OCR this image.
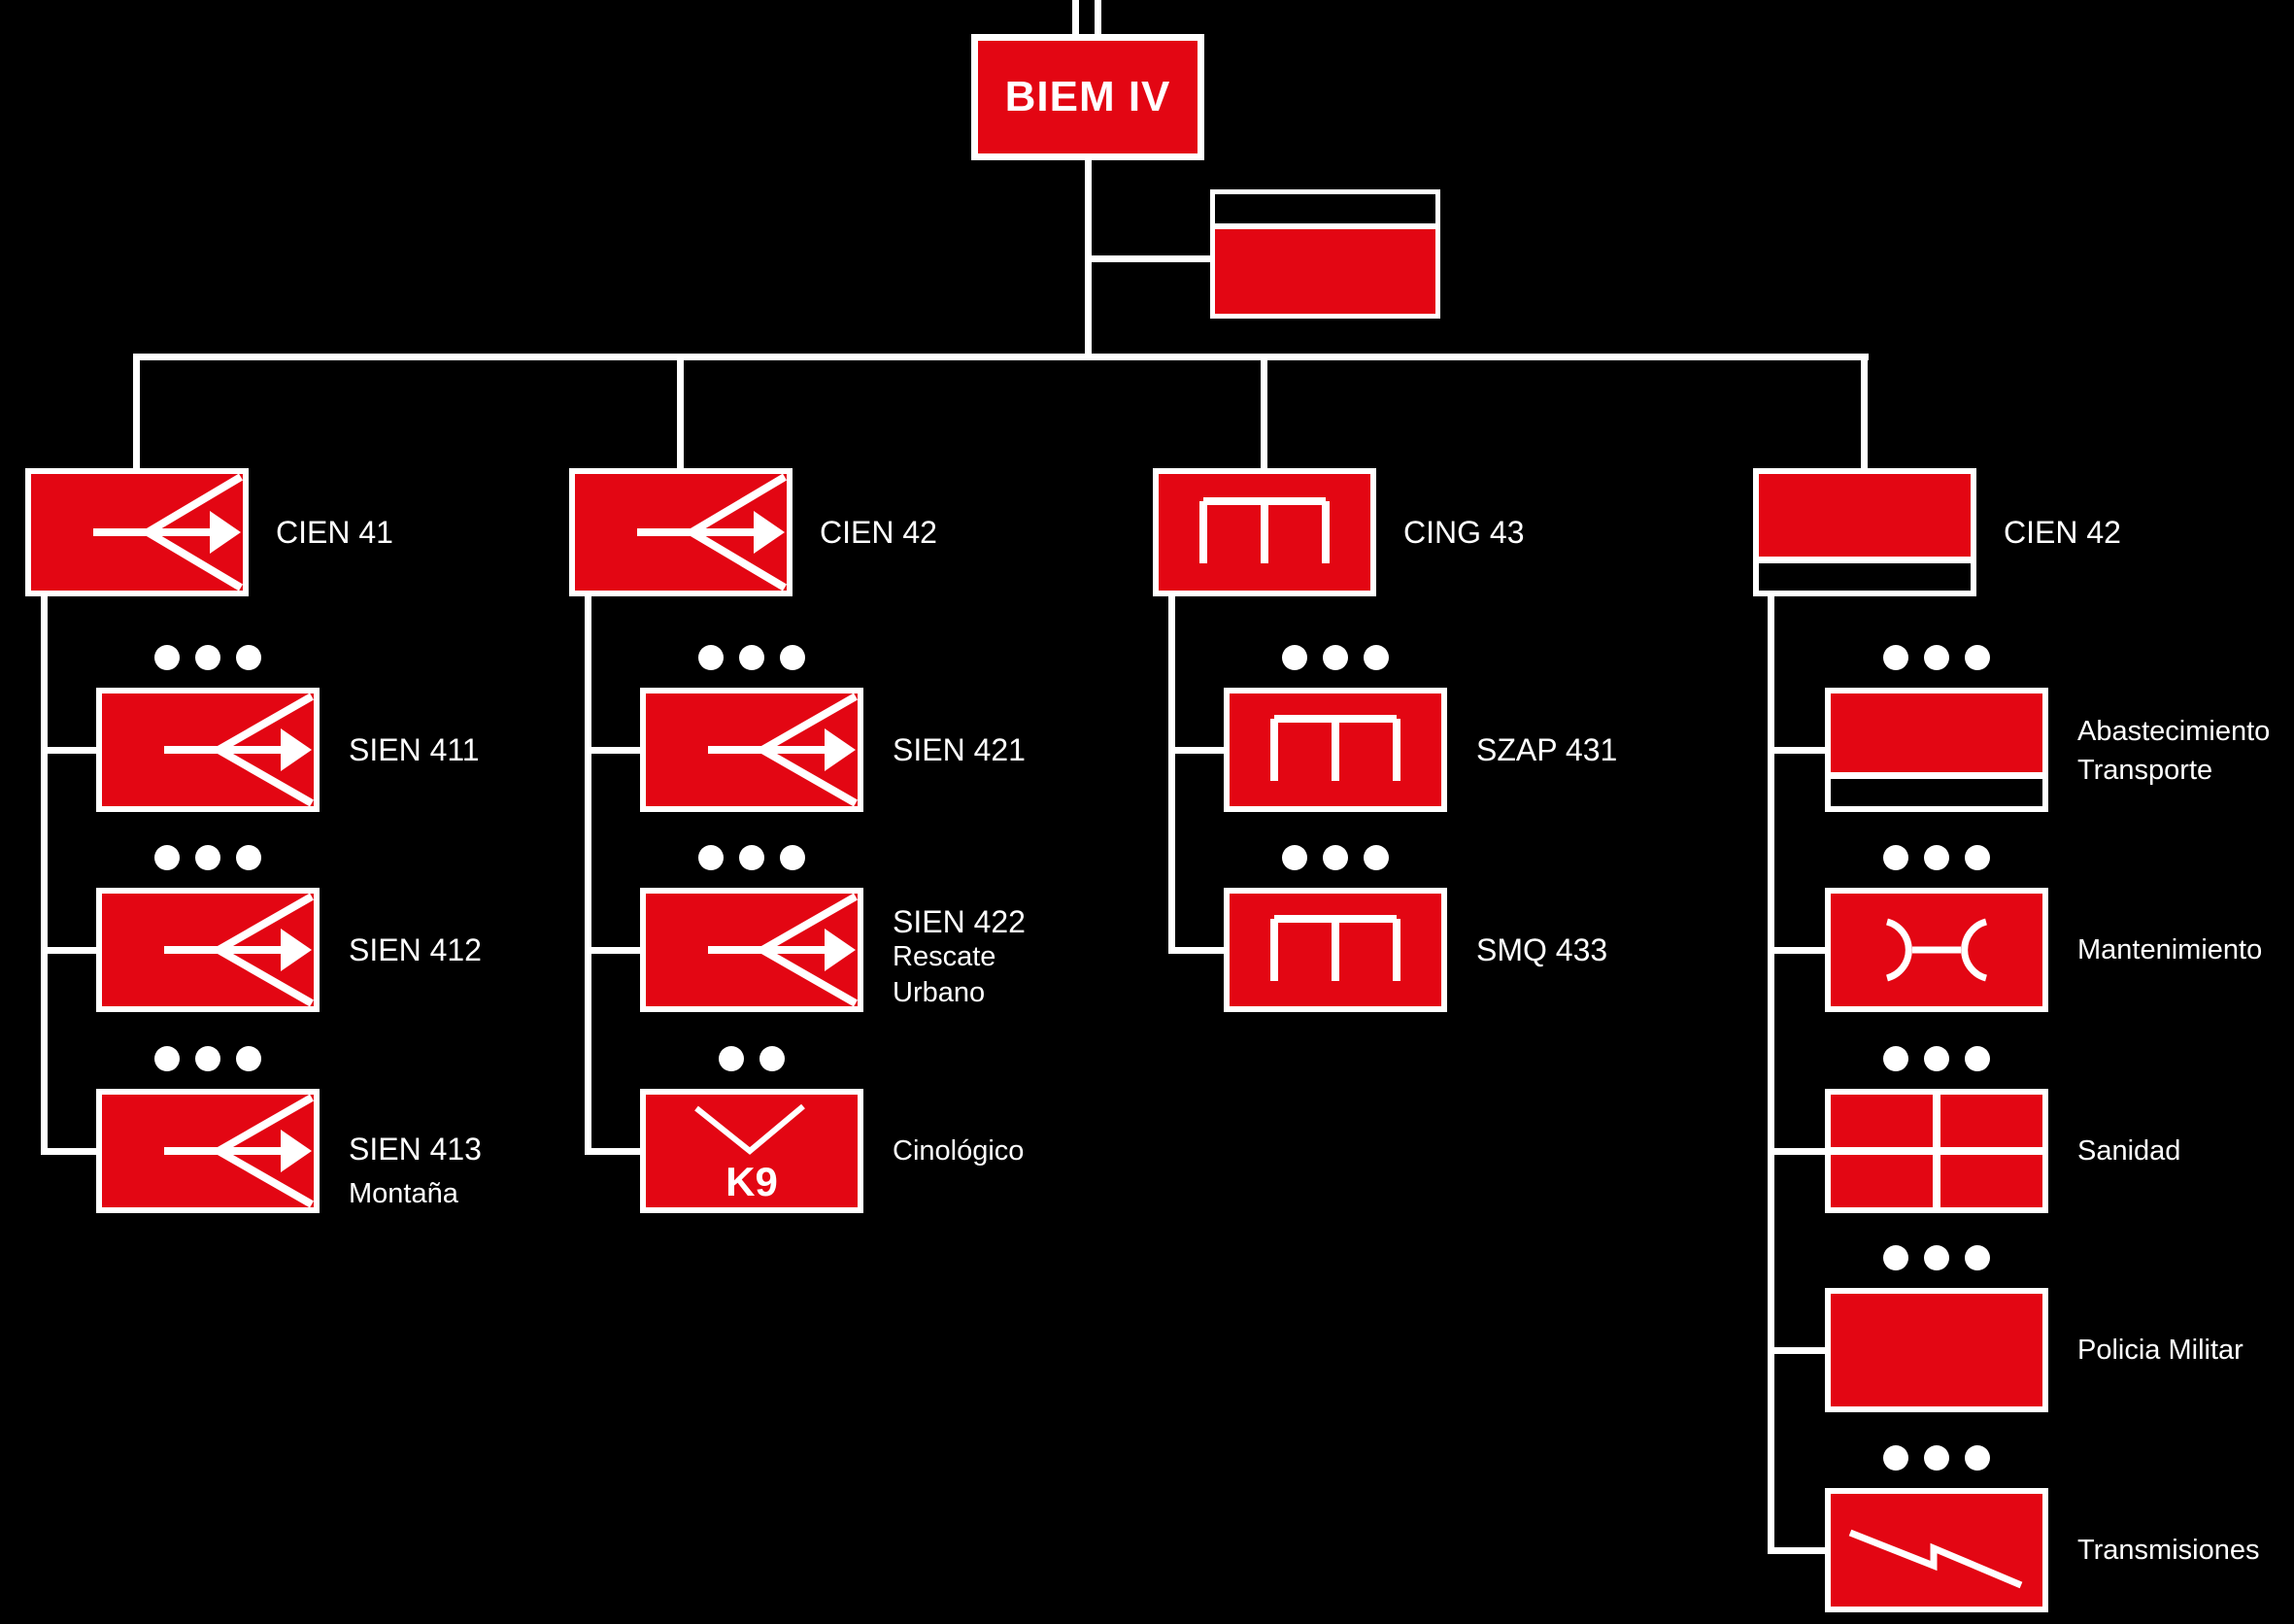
BIEM IV
CIEN 41	CIEN 42	CING 43	CIEN 42
SIEN 411
SIEN 412
SIEN 413
Montaña
SIEN 421
SIEN 422
Rescate
Urbano
K9
Cinológico
SZAP 431
SMQ 433
Abastecimiento
Transporte
Mantenimiento
Sanidad
Policia Militar
Transmisiones
